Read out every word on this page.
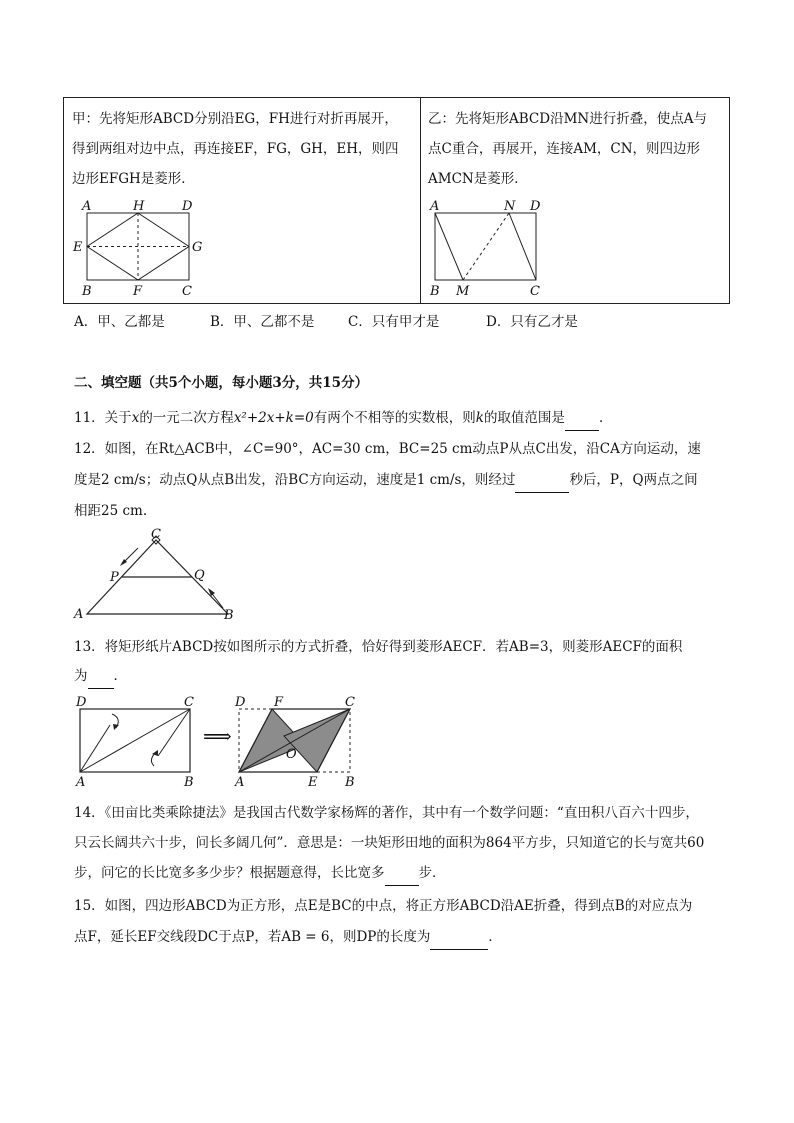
甲：先将矩形ABCD分别沿EG，FH进行对折再展开，
得到两组对边中点，再连接EF，FG，GH，EH，则四
边形EFGH是菱形．
乙：先将矩形ABCD沿MN进行折叠，使点A与
点C重合，再展开，连接AM，CN，则四边形
AMCN是菱形．
A	H	D
E	G
B	F	C
A	N D
B M	C
A．甲、乙都是	B．甲、乙都不是 C．只有甲才是	D．只有乙才是
二、填空题（共5个小题，每小题3分，共15分）
11．关于x的一元二次方程x²+2x+k=0有两个不相等的实数根，则k的取值范围是	．
12．如图，在Rt△ACB中，∠C=90°，AC=30 cm，BC=25 cm动点P从点C出发，沿CA方向运动，速
度是2 cm/s；动点Q从点B出发，沿BC方向运动，速度是1 cm/s，则经过	秒后，P，Q两点之间
相距25 cm.
C
P	Q
A	B
13．将矩形纸片ABCD按如图所示的方式折叠，恰好得到菱形AECF．若AB=3，则菱形AECF的面积
为 ．
D	C
A	B
⟹
D F	C
O
A	E B
14．《田亩比类乘除捷法》是我国古代数学家杨辉的著作，其中有一个数学问题：“直田积八百六十四步，
只云长阔共六十步，问长多阔几何”．意思是：一块矩形田地的面积为864平方步，只知道它的长与宽共60
步，问它的长比宽多多少步？根据题意得，长比宽多	步．
15．如图，四边形ABCD为正方形，点E是BC的中点，将正方形ABCD沿AE折叠，得到点B的对应点为
点F，延长EF交线段DC于点P，若AB = 6，则DP的长度为	．
